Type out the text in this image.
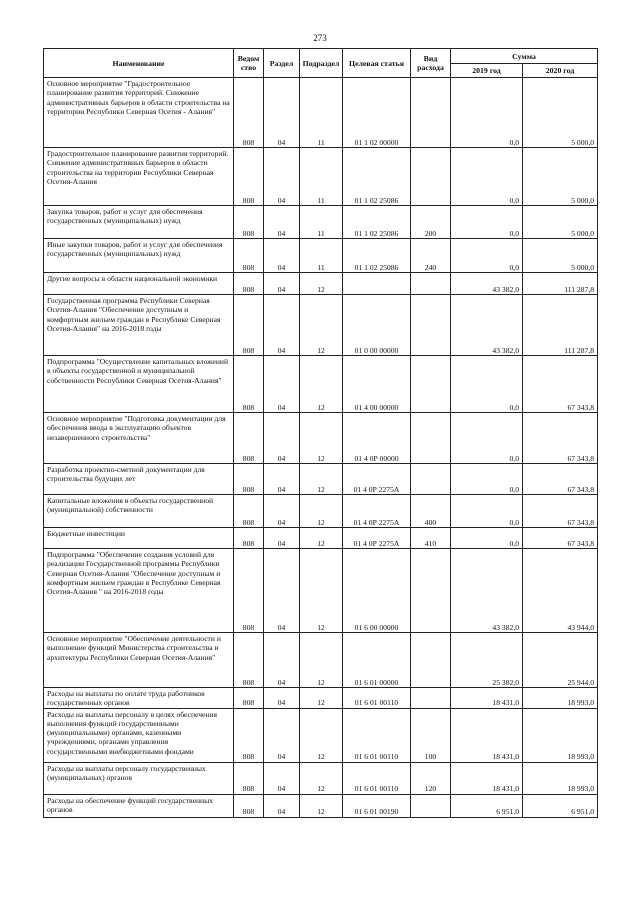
273
Наименование	Ведом ство	Раздел	Подраздел	Целевая статья	Вид расхода	Сумма	
						2019 год	2020 год
Основное мероприятие "Градостроительное планирование развития территорий. Снижение административных барьеров в области строительства на территории Республики Северная Осетия - Алания"	808	04	11	01 1 02 00000		0,0	5 000,0
Градостроительное планирование развития территорий. Снижение административных барьеров в области строительства на территории Республики Северная Осетия-Алания	808	04	11	01 1 02 25086		0,0	5 000,0
Закупка товаров, работ и услуг для обеспечения государственных (муниципальных) нужд	808	04	11	01 1 02 25086	200	0,0	5 000,0
Иные закупки товаров, работ и услуг для обеспечения государственных (муниципальных) нужд	808	04	11	01 1 02 25086	240	0,0	5 000,0
Другие вопросы в области национальной экономики	808	04	12			43 382,0	111 287,8
Государственная программа Республики Северная Осетия-Алания "Обеспечение доступным и комфортным жильем граждан в Республике Северная Осетия-Алания" на 2016-2018 годы	808	04	12	01 0 00 00000		43 382,0	111 287,8
Подпрограмма "Осуществление капитальных вложений в объекты государственной и муниципальной собственности Республики Северная Осетия-Алания"	808	04	12	01 4 00 00000		0,0	67 343,8
Основное мероприятие "Подготовка документации для обеспечения ввода в эксплуатацию объектов незавершенного строительства"	808	04	12	01 4 0Р 00000		0,0	67 343,8
Разработка проектно-сметной документации для строительства будущих лет	808	04	12	01 4 0Р 2275А		0,0	67 343,8
Капитальные вложения в объекты государственной (муниципальной) собственности	808	04	12	01 4 0Р 2275А	400	0,0	67 343,8
Бюджетные инвестиции	808	04	12	01 4 0Р 2275А	410	0,0	67 343,8
Подпрограмма "Обеспечение создания условий для реализации Государственной программы Республики Северная Осетия-Алания "Обеспечение доступным и комфортным жильем граждан в Республике Северная Осетия-Алания " на 2016-2018 годы	808	04	12	01 6 00 00000		43 382,0	43 944,0
Основное мероприятие "Обеспечение деятельности и выполнение функций Министерства строительства и архитектуры Республики Северная Осетия-Алания"	808	04	12	01 6 01 00000		25 382,0	25 944,0
Расходы на выплаты по оплате труда работников государственных органов	808	04	12	01 6 01 00110		18 431,0	18 993,0
Расходы на выплаты персоналу в целях обеспечения выполнения функций государственными (муниципальными) органами, казенными учреждениями, органами управления государственными внебюджетными фондами	808	04	12	01 6 01 00110	100	18 431,0	18 993,0
Расходы на выплаты персоналу государственных (муниципальных) органов	808	04	12	01 6 01 00110	120	18 431,0	18 993,0
Расходы на обеспечение функций государственных органов	808	04	12	01 6 01 00190		6 951,0	6 951,0
